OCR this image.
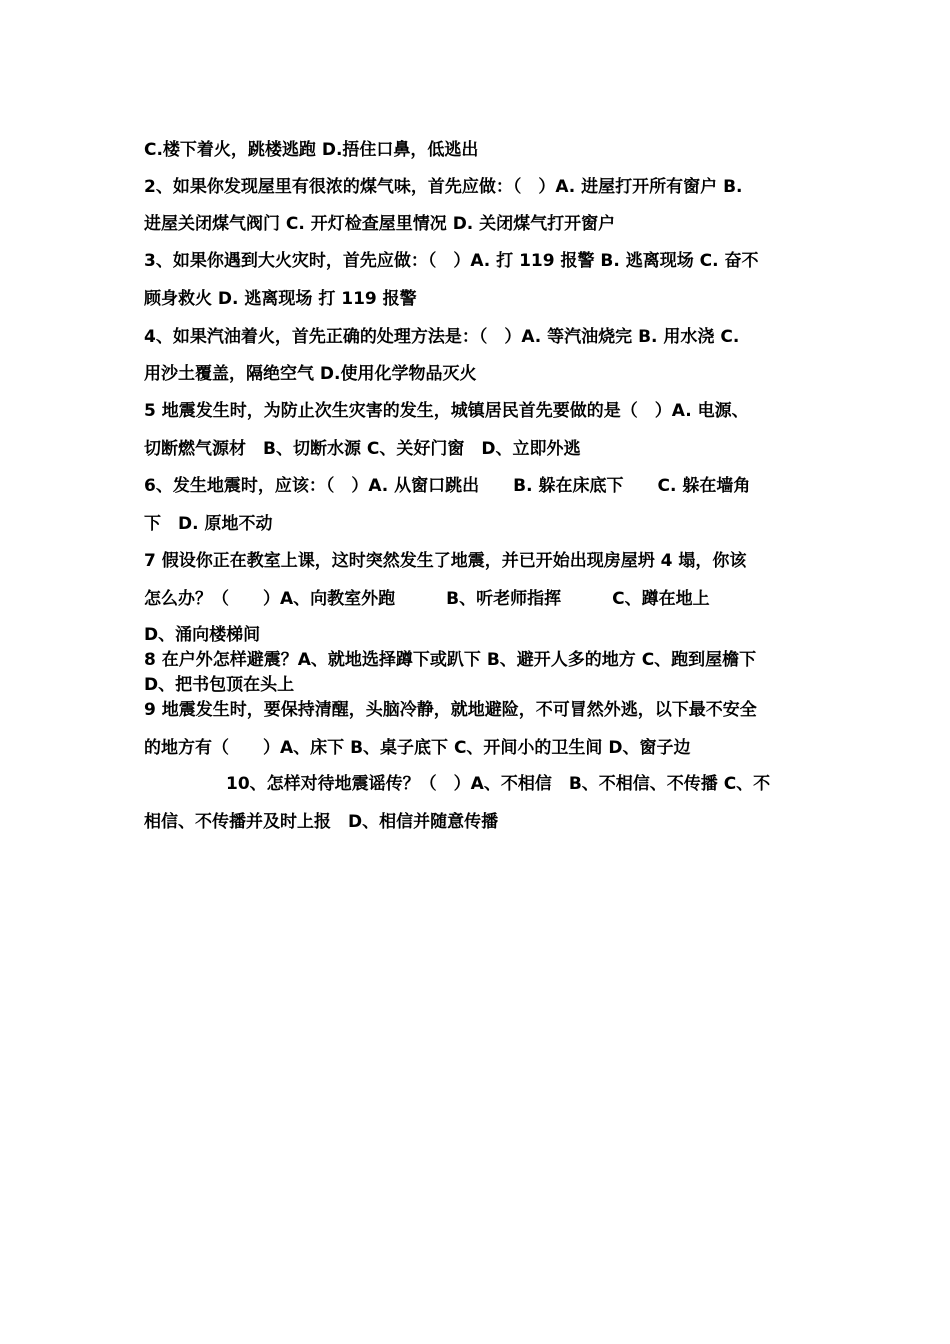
C.楼下着火，跳楼逃跑 D.捂住口鼻，低逃出
2、如果你发现屋里有很浓的煤气味，首先应做：（　）A. 进屋打开所有窗户 B.
进屋关闭煤气阀门 C. 开灯检查屋里情况 D. 关闭煤气打开窗户
3、如果你遇到大火灾时，首先应做：（　）A. 打 119 报警 B. 逃离现场 C. 奋不
顾身救火 D. 逃离现场 打 119 报警
4、如果汽油着火，首先正确的处理方法是：（　）A. 等汽油烧完 B. 用水浇 C.
用沙土覆盖，隔绝空气 D.使用化学物品灭火
5 地震发生时，为防止次生灾害的发生，城镇居民首先要做的是（　）A. 电源、
切断燃气源材　B、切断水源 C、关好门窗　D、立即外逃
6、发生地震时，应该：（　）A. 从窗口跳出　　B. 躲在床底下　　C. 躲在墙角
下　D. 原地不动
7 假设你正在教室上课，这时突然发生了地震，并已开始出现房屋坍 4 塌，你该
怎么办？（　　）A、向教室外跑　　　B、听老师指挥　　　C、蹲在地上
D、涌向楼梯间
8 在户外怎样避震？A、就地选择蹲下或趴下 B、避开人多的地方 C、跑到屋檐下
D、把书包顶在头上
9 地震发生时，要保持清醒，头脑冷静，就地避险，不可冒然外逃，以下最不安全
的地方有（　　）A、床下 B、桌子底下 C、开间小的卫生间 D、窗子边
10、怎样对待地震谣传？（　）A、不相信　B、不相信、不传播 C、不
相信、不传播并及时上报　D、相信并随意传播
